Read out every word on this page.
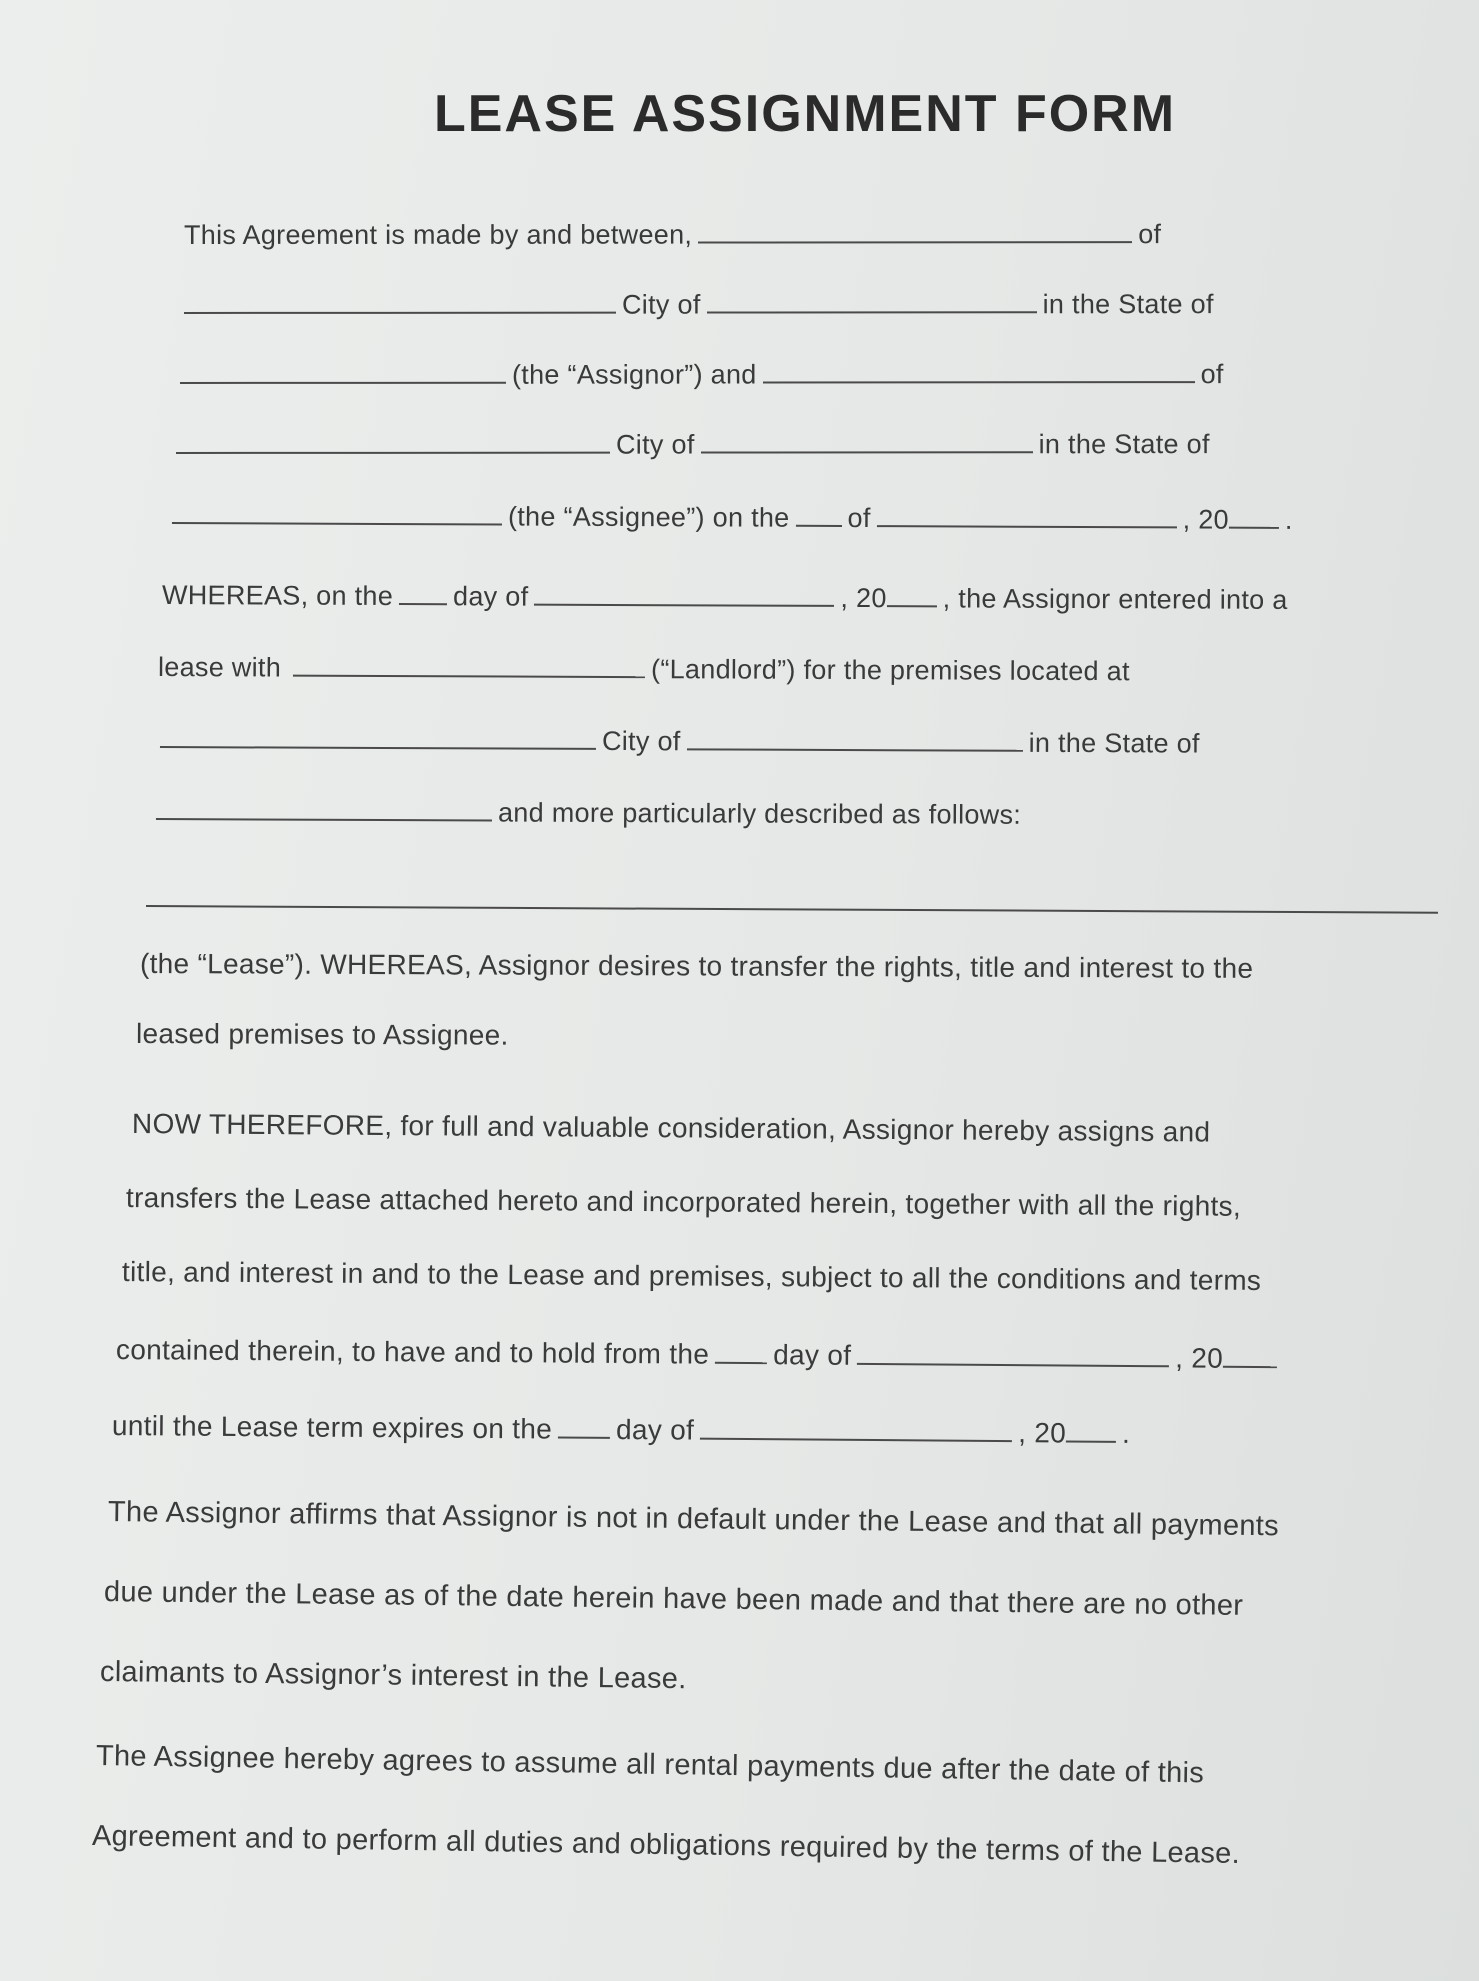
LEASE ASSIGNMENT FORM
This Agreement is made by and between,	of
City of	in the State of
(the “Assignor”) and	of
City of	in the State of
(the “Assignee”) on the of	, 20 .
WHEREAS, on the day of	, 20 , the Assignor entered into a
lease with	(“Landlord”) for the premises located at
City of	in the State of
and more particularly described as follows:
(the “Lease”). WHEREAS, Assignor desires to transfer the rights, title and interest to the
leased premises to Assignee.
NOW THEREFORE, for full and valuable consideration, Assignor hereby assigns and
transfers the Lease attached hereto and incorporated herein, together with all the rights,
title, and interest in and to the Lease and premises, subject to all the conditions and terms
contained therein, to have and to hold from the day of	, 20
until the Lease term expires on the day of	, 20 .
The Assignor affirms that Assignor is not in default under the Lease and that all payments
due under the Lease as of the date herein have been made and that there are no other
claimants to Assignor’s interest in the Lease.
The Assignee hereby agrees to assume all rental payments due after the date of this
Agreement and to perform all duties and obligations required by the terms of the Lease.
